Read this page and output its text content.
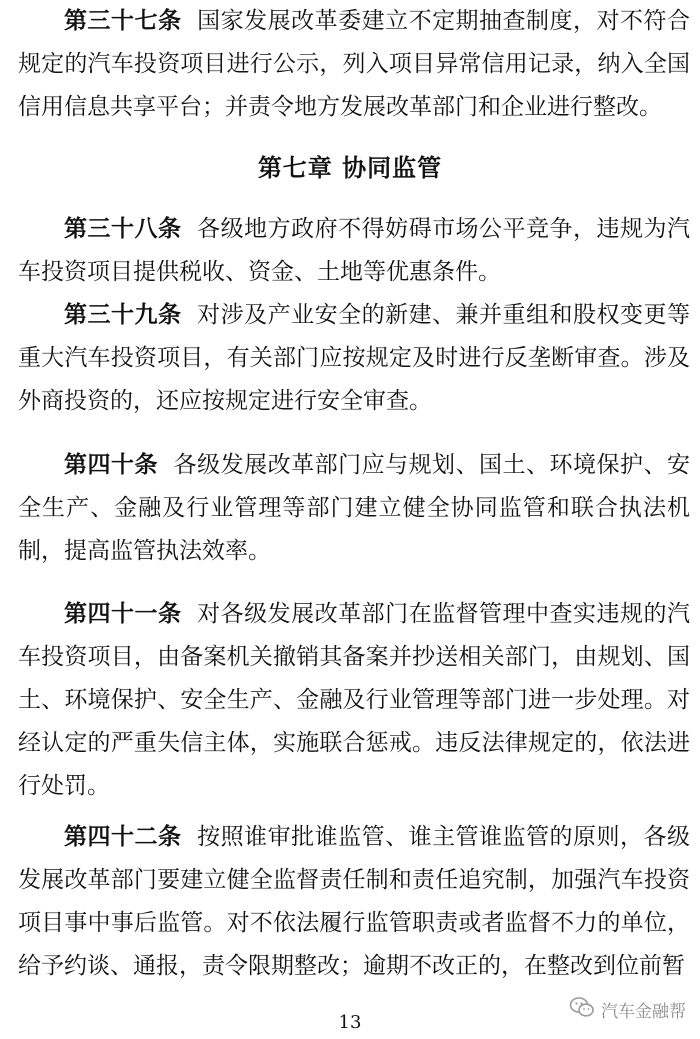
第三十七条 国家发展改革委建立不定期抽查制度，对不符合规定的汽车投资项目进行公示，列入项目异常信用记录，纳入全国信用信息共享平台；并责令地方发展改革部门和企业进行整改。

第七章 协同监管

第三十八条 各级地方政府不得妨碍市场公平竞争，违规为汽车投资项目提供税收、资金、土地等优惠条件。

第三十九条 对涉及产业安全的新建、兼并重组和股权变更等重大汽车投资项目，有关部门应按规定及时进行反垄断审查。涉及外商投资的，还应按规定进行安全审查。

第四十条 各级发展改革部门应与规划、国土、环境保护、安全生产、金融及行业管理等部门建立健全协同监管和联合执法机制，提高监管执法效率。

第四十一条 对各级发展改革部门在监督管理中查实违规的汽车投资项目，由备案机关撤销其备案并抄送相关部门，由规划、国土、环境保护、安全生产、金融及行业管理等部门进一步处理。对经认定的严重失信主体，实施联合惩戒。违反法律规定的，依法进行处罚。

第四十二条 按照谁审批谁监管、谁主管谁监管的原则，各级发展改革部门要建立健全监督责任制和责任追究制，加强汽车投资项目事中事后监管。对不依法履行监管职责或者监督不力的单位，给予约谈、通报，责令限期整改；逾期不改正的，在整改到位前暂

13	汽车金融帮
